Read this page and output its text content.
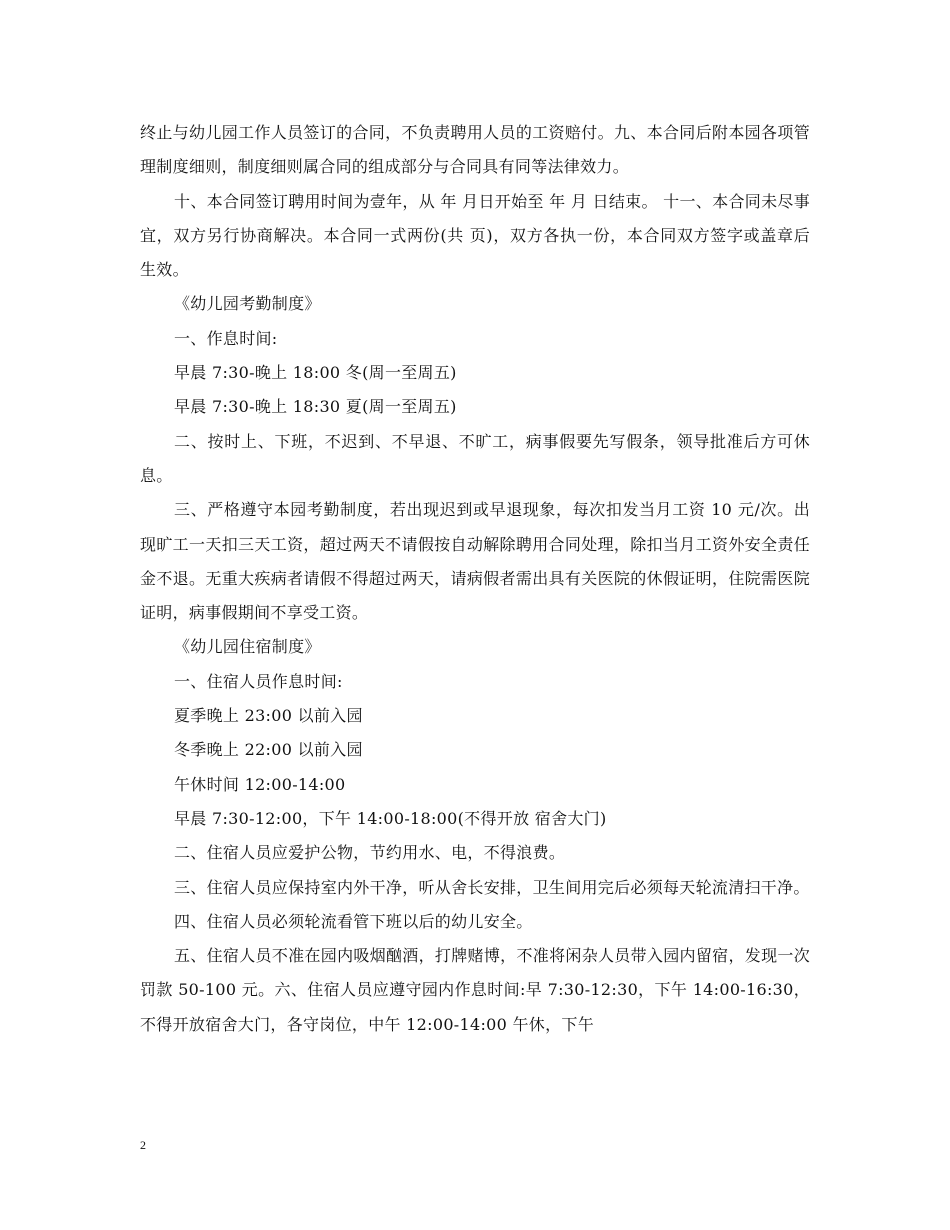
终止与幼儿园工作人员签订的合同，不负责聘用人员的工资赔付。九、本合同后附本园各项管理制度细则，制度细则属合同的组成部分与合同具有同等法律效力。

十、本合同签订聘用时间为壹年，从 年 月日开始至 年 月 日结束。 十一、本合同未尽事宜，双方另行协商解决。本合同一式两份(共 页)，双方各执一份，本合同双方签字或盖章后生效。

《幼儿园考勤制度》

一、作息时间:

早晨 7:30-晚上 18:00 冬(周一至周五)

早晨 7:30-晚上 18:30 夏(周一至周五)

二、按时上、下班，不迟到、不早退、不旷工，病事假要先写假条，领导批准后方可休息。

三、严格遵守本园考勤制度，若出现迟到或早退现象，每次扣发当月工资 10 元/次。出现旷工一天扣三天工资，超过两天不请假按自动解除聘用合同处理，除扣当月工资外安全责任金不退。无重大疾病者请假不得超过两天，请病假者需出具有关医院的休假证明，住院需医院证明，病事假期间不享受工资。

《幼儿园住宿制度》

一、住宿人员作息时间:

夏季晚上 23:00 以前入园

冬季晚上 22:00 以前入园

午休时间 12:00-14:00

早晨 7:30-12:00，下午 14:00-18:00(不得开放 宿舍大门)

二、住宿人员应爱护公物，节约用水、电，不得浪费。

三、住宿人员应保持室内外干净，听从舍长安排，卫生间用完后必须每天轮流清扫干净。

四、住宿人员必须轮流看管下班以后的幼儿安全。

五、住宿人员不准在园内吸烟酗酒，打牌赌博，不准将闲杂人员带入园内留宿，发现一次罚款 50-100 元。六、住宿人员应遵守园内作息时间:早 7:30-12:30，下午 14:00-16:30，不得开放宿舍大门，各守岗位，中午 12:00-14:00 午休，下午

2
